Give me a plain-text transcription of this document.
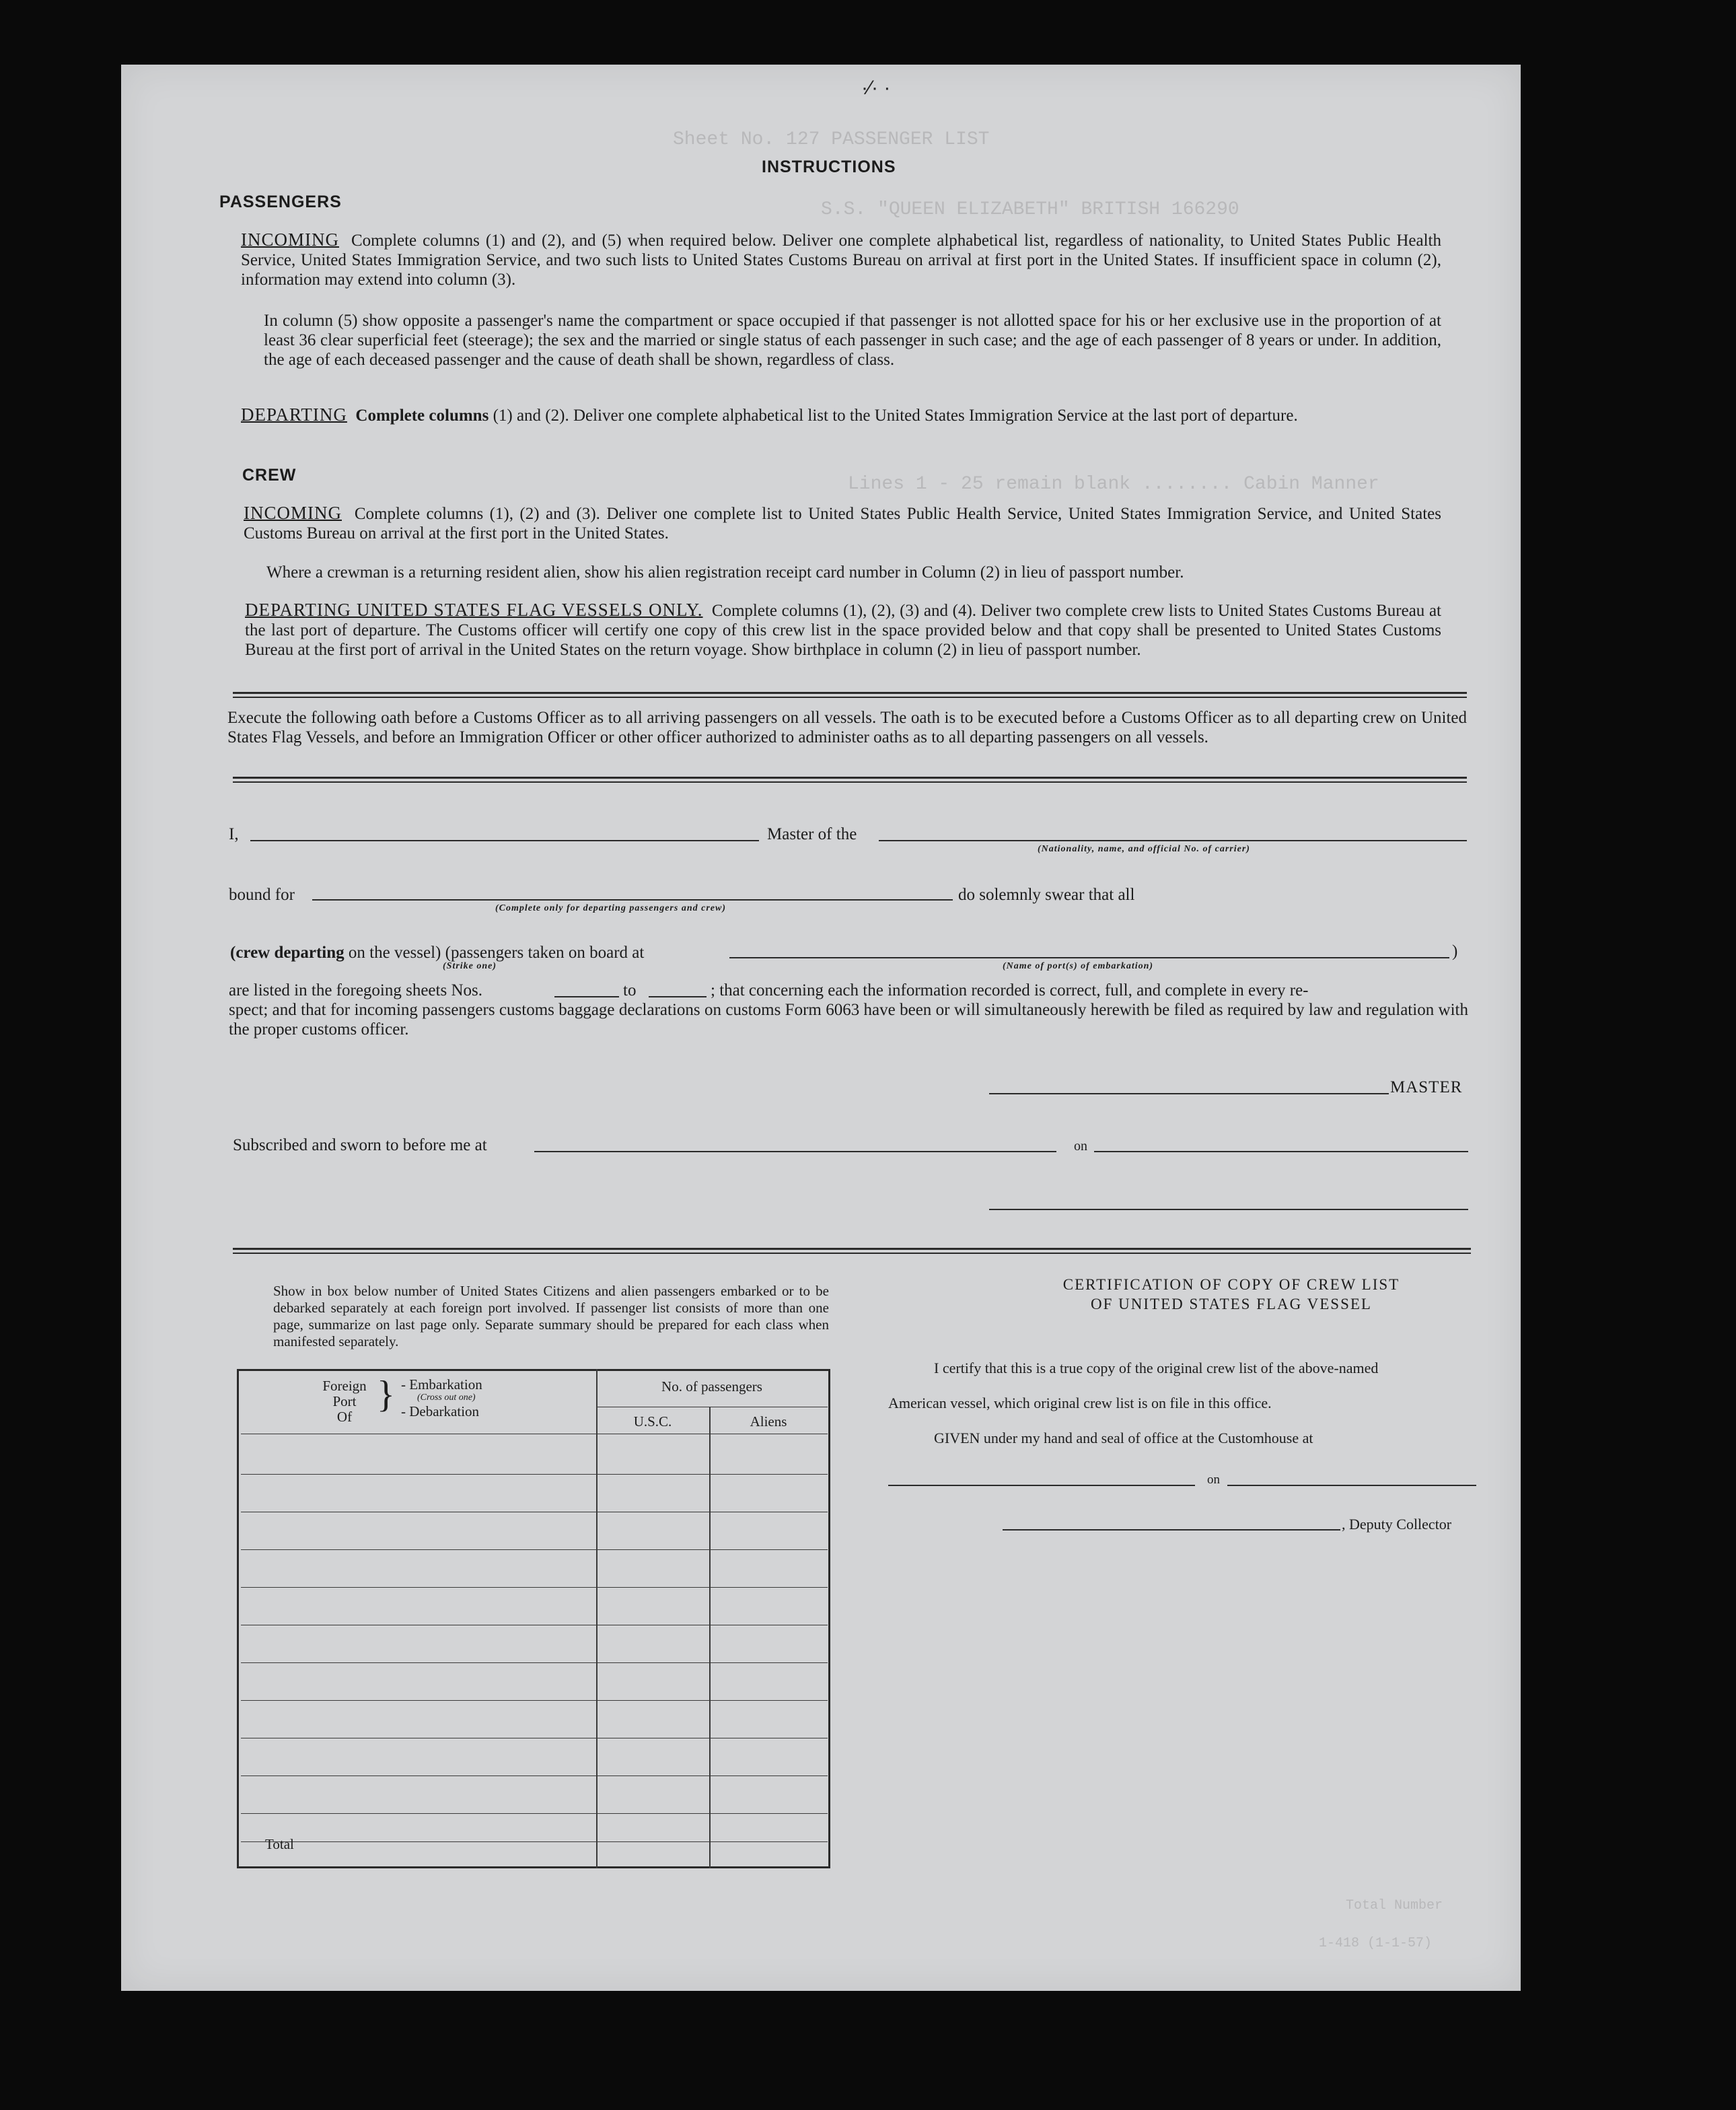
Sheet No. 127 PASSENGER LIST
S.S. "QUEEN ELIZABETH" BRITISH 166290
Lines 1 - 25 remain blank ........ Cabin Manner
·⁄· ·
INSTRUCTIONS
PASSENGERS
INCOMING Complete columns (1) and (2), and (5) when required below. Deliver one complete alphabetical list, regardless of nationality, to United States Public Health Service, United States Immigration Service, and two such lists to United States Customs Bureau on arrival at first port in the United States. If insufficient space in column (2), information may extend into column (3).
In column (5) show opposite a passenger's name the compartment or space occupied if that passenger is not allotted space for his or her exclusive use in the proportion of at least 36 clear superficial feet (steerage); the sex and the married or single status of each passenger in such case; and the age of each passenger of 8 years or under. In addition, the age of each deceased passenger and the cause of death shall be shown, regardless of class.
DEPARTING Complete columns (1) and (2). Deliver one complete alphabetical list to the United States Immigration Service at the last port of departure.
CREW
INCOMING Complete columns (1), (2) and (3). Deliver one complete list to United States Public Health Service, United States Immigration Service, and United States Customs Bureau on arrival at the first port in the United States.
Where a crewman is a returning resident alien, show his alien registration receipt card number in Column (2) in lieu of passport number.
DEPARTING UNITED STATES FLAG VESSELS ONLY. Complete columns (1), (2), (3) and (4). Deliver two complete crew lists to United States Customs Bureau at the last port of departure. The Customs officer will certify one copy of this crew list in the space provided below and that copy shall be presented to United States Customs Bureau at the first port of arrival in the United States on the return voyage. Show birthplace in column (2) in lieu of passport number.
Execute the following oath before a Customs Officer as to all arriving passengers on all vessels. The oath is to be executed before a Customs Officer as to all departing crew on United States Flag Vessels, and before an Immigration Officer or other officer authorized to administer oaths as to all departing passengers on all vessels.
I,	Master of the
(Nationality, name, and official No. of carrier)
bound for
(Complete only for departing passengers and crew)
do solemnly swear that all
(crew departing on the vessel) (passengers taken on board at
(Strike one)
)
(Name of port(s) of embarkation)
are listed in the foregoing sheets Nos.	to	; that concerning each the information recorded is correct, full, and complete in every re-
spect; and that for incoming passengers customs baggage declarations on customs Form 6063 have been or will simultaneously herewith be filed as required by law and regulation with the proper customs officer.
MASTER
Subscribed and sworn to before me at	on
Show in box below number of United States Citizens and alien passengers embarked or to be debarked separately at each foreign port involved. If passenger list consists of more than one page, summarize on last page only. Separate summary should be prepared for each class when manifested separately.
Foreign
Port
Of
} - Embarkation
(Cross out one)
- Debarkation
No. of passengers
U.S.C.	Aliens
Total
CERTIFICATION OF COPY OF CREW LIST
OF UNITED STATES FLAG VESSEL
I certify that this is a true copy of the original crew list of the above-named
American vessel, which original crew list is on file in this office.
GIVEN under my hand and seal of office at the Customhouse at
on
, Deputy Collector
Total Number
1-418 (1-1-57)
